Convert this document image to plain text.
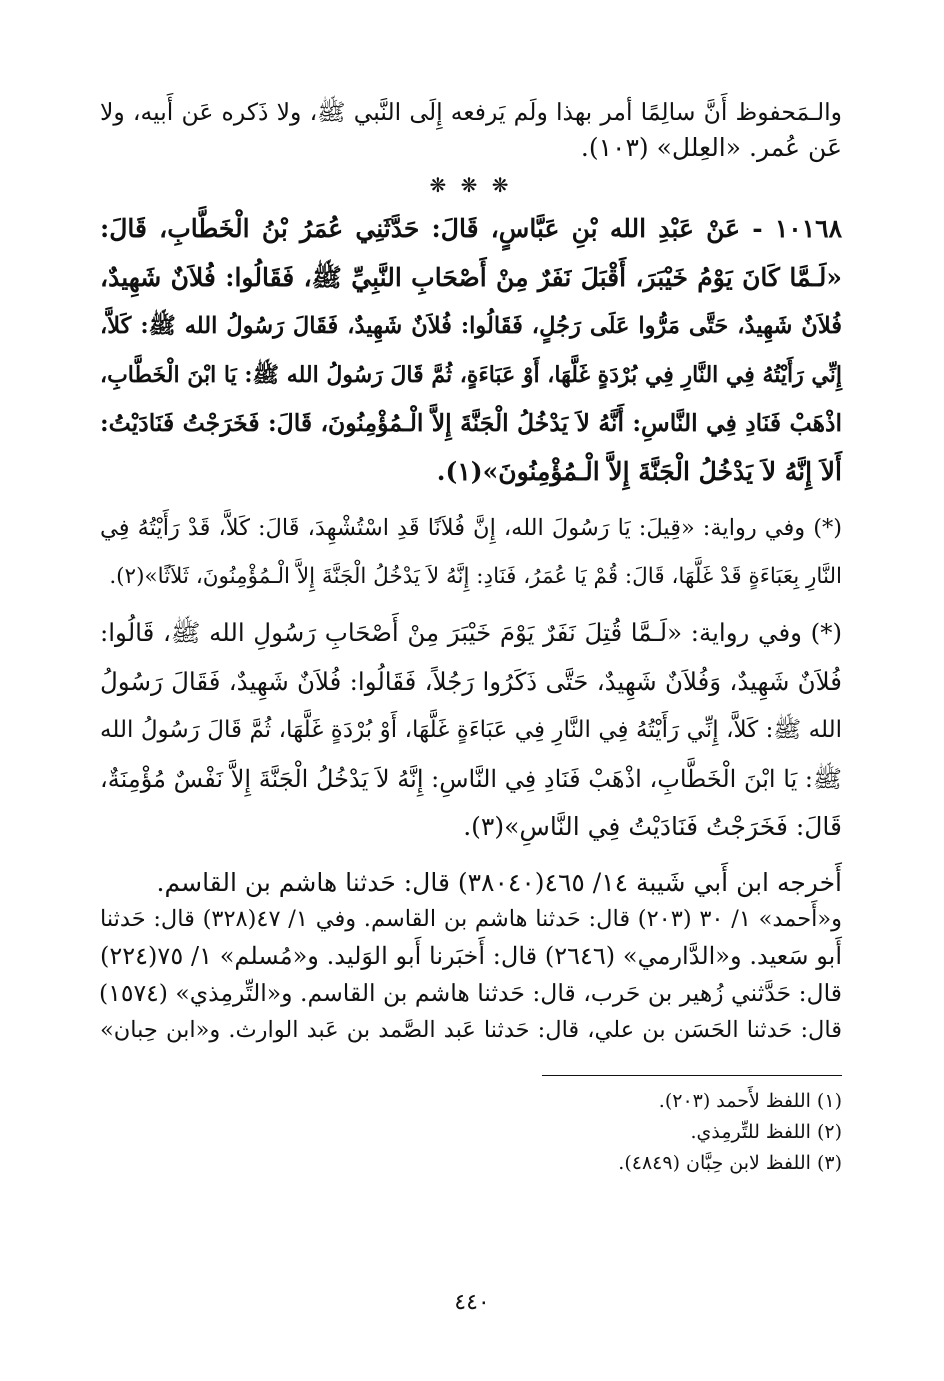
والـمَحفوظ أَنَّ سالِمًا أمر بهذا ولَم يَرفعه إِلَى النَّبي ﷺ، ولا ذَكره عَن أَبيه، ولا
عَن عُمر. «العِلل» (١٠٣).
❋ ❋ ❋
١٠١٦٨ - عَنْ عَبْدِ الله بْنِ عَبَّاسٍ، قَالَ: حَدَّثَنِي عُمَرُ بْنُ الْخَطَّابِ، قَالَ:
«لَـمَّا كَانَ يَوْمُ خَيْبَرَ، أَقْبَلَ نَفَرٌ مِنْ أَصْحَابِ النَّبِيِّ ﷺ، فَقَالُوا: فُلاَنٌ شَهِيدٌ،
فُلاَنٌ شَهِيدٌ، حَتَّى مَرُّوا عَلَى رَجُلٍ، فَقَالُوا: فُلاَنٌ شَهِيدٌ، فَقَالَ رَسُولُ الله ﷺ: كَلاَّ،
إِنِّي رَأَيْتُهُ فِي النَّارِ فِي بُرْدَةٍ غَلَّهَا، أَوْ عَبَاءَةٍ، ثُمَّ قَالَ رَسُولُ الله ﷺ: يَا ابْنَ الْخَطَّابِ،
اذْهَبْ فَنَادِ فِي النَّاسِ: أَنَّهُ لاَ يَدْخُلُ الْجَنَّةَ إِلاَّ الْـمُؤْمِنُونَ، قَالَ: فَخَرَجْتُ فَنَادَيْتُ:
أَلاَ إِنَّهُ لاَ يَدْخُلُ الْجَنَّةَ إِلاَّ الْـمُؤْمِنُونَ»(١).
(*) وفي رواية: «قِيلَ: يَا رَسُولَ الله، إِنَّ فُلاَنًا قَدِ اسْتُشْهِدَ، قَالَ: كَلاَّ، قَدْ رَأَيْتُهُ فِي
النَّارِ بِعَبَاءَةٍ قَدْ غَلَّهَا، قَالَ: قُمْ يَا عُمَرُ، فَنَادِ: إِنَّهُ لاَ يَدْخُلُ الْجَنَّةَ إِلاَّ الْـمُؤْمِنُونَ، ثَلاَثًا»(٢).
(*) وفي رواية: «لَـمَّا قُتِلَ نَفَرٌ يَوْمَ خَيْبَرَ مِنْ أَصْحَابِ رَسُولِ الله ﷺ، قَالُوا:
فُلاَنٌ شَهِيدٌ، وَفُلاَنٌ شَهِيدٌ، حَتَّى ذَكَرُوا رَجُلاً، فَقَالُوا: فُلاَنٌ شَهِيدٌ، فَقَالَ رَسُولُ
الله ﷺ: كَلاَّ، إِنِّي رَأَيْتُهُ فِي النَّارِ فِي عَبَاءَةٍ غَلَّهَا، أَوْ بُرْدَةٍ غَلَّهَا، ثُمَّ قَالَ رَسُولُ الله
ﷺ: يَا ابْنَ الْخَطَّابِ، اذْهَبْ فَنَادِ فِي النَّاسِ: إِنَّهُ لاَ يَدْخُلُ الْجَنَّةَ إِلاَّ نَفْسٌ مُؤْمِنَةٌ،
قَالَ: فَخَرَجْتُ فَنَادَيْتُ فِي النَّاسِ»(٣).
أَخرجه ابن أَبي شَيبة ١٤/ ٤٦٥(٣٨٠٤٠) قال: حَدثنا هاشم بن القاسم.
و«أَحمد» ١/ ٣٠ (٢٠٣) قال: حَدثنا هاشم بن القاسم. وفي ١/ ٤٧(٣٢٨) قال: حَدثنا
أَبو سَعيد. و«الدَّارمي» (٢٦٤٦) قال: أَخبَرنا أَبو الوَليد. و«مُسلم» ١/ ٧٥(٢٢٤)
قال: حَدَّثني زُهير بن حَرب، قال: حَدثنا هاشم بن القاسم. و«التِّرمِذي» (١٥٧٤)
قال: حَدثنا الحَسَن بن علي، قال: حَدثنا عَبد الصَّمد بن عَبد الوارث. و«ابن حِبان»
(١) اللفظ لأَحمد (٢٠٣).
(٢) اللفظ للتِّرمِذي.
(٣) اللفظ لابن حِبَّان (٤٨٤٩).
٤٤٠
